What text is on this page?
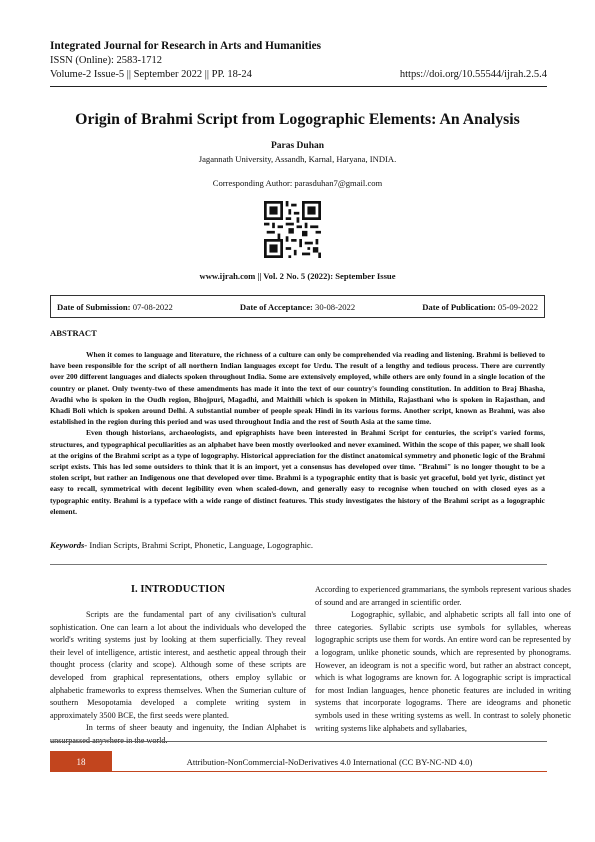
Integrated Journal for Research in Arts and Humanities
ISSN (Online): 2583-1712
Volume-2 Issue-5 || September 2022 || PP. 18-24	https://doi.org/10.55544/ijrah.2.5.4
Origin of Brahmi Script from Logographic Elements: An Analysis
Paras Duhan
Jagannath University, Assandh, Karnal, Haryana, INDIA.
Corresponding Author: parasduhan7@gmail.com
www.ijrah.com || Vol. 2 No. 5 (2022): September Issue
Date of Submission: 07-08-2022	Date of Acceptance: 30-08-2022	Date of Publication: 05-09-2022
ABSTRACT

When it comes to language and literature, the richness of a culture can only be comprehended via reading and listening. Brahmi is believed to have been responsible for the script of all northern Indian languages except for Urdu. The result of a lengthy and tedious process. There are currently over 200 different languages and dialects spoken throughout India. Some are extensively employed, while others are only found in a single location of the country or planet. Only twenty-two of these amendments has made it into the text of our country's founding constitution. In addition to Braj Bhasha, Avadhi who is spoken in the Oudh region, Bhojpuri, Magadhi, and Maithili which is spoken in Mithila, Rajasthani who is spoken in Rajasthan, and Khadi Boli which is spoken around Delhi. A substantial number of people speak Hindi in its various forms. Another script, known as Brahmi, was also established in the region during this period and was used throughout India and the rest of South Asia at the same time.

Even though historians, archaeologists, and epigraphists have been interested in Brahmi Script for centuries, the script's varied forms, structures, and typographical peculiarities as an alphabet have been mostly overlooked and never examined. Within the scope of this paper, we shall look at the origins of the Brahmi script as a type of logography. Historical appreciation for the distinct anatomical symmetry and phonetic logic of the Brahmi script exists. This has led some outsiders to think that it is an import, yet a consensus has developed over time. "Brahmi" is no longer thought to be a stolen script, but rather an Indigenous one that developed over time. Brahmi is a typographic entity that is basic yet graceful, bold yet lyric, distinct yet easy to recall, symmetrical with decent legibility even when scaled-down, and generally easy to recognise when touched on with closed eyes as a typographic entity. Brahmi is a typeface with a wide range of distinct features. This study investigates the history of the Brahmi script as a logographic element.

Keywords- Indian Scripts, Brahmi Script, Phonetic, Language, Logographic.
I. INTRODUCTION

Scripts are the fundamental part of any civilisation's cultural sophistication. One can learn a lot about the individuals who developed the world's writing systems just by looking at them superficially. They reveal their level of intelligence, artistic interest, and aesthetic appeal through their thought process (clarity and scope). Although some of these scripts are developed from graphical representations, others employ syllabic or alphabetic frameworks to express themselves. When the Sumerian culture of southern Mesopotamia developed a complete writing system in approximately 3500 BCE, the first seeds were planted.

In terms of sheer beauty and ingenuity, the Indian Alphabet is unsurpassed anywhere in the world.

According to experienced grammarians, the symbols represent various shades of sound and are arranged in scientific order.

Logographic, syllabic, and alphabetic scripts all fall into one of three categories. Syllabic scripts use symbols for syllables, whereas logographic scripts use them for words. An entire word can be represented by a logogram, unlike phonetic sounds, which are represented by phonograms. However, an ideogram is not a specific word, but rather an abstract concept, which is what logograms are known for. A logographic script is impractical for most Indian languages, hence phonetic features are included in writing systems that incorporate logograms. There are ideograms and phonetic symbols used in these writing systems as well. In contrast to solely phonetic writing systems like alphabets and syllabaries,

18	Attribution-NonCommercial-NoDerivatives 4.0 International (CC BY-NC-ND 4.0)
